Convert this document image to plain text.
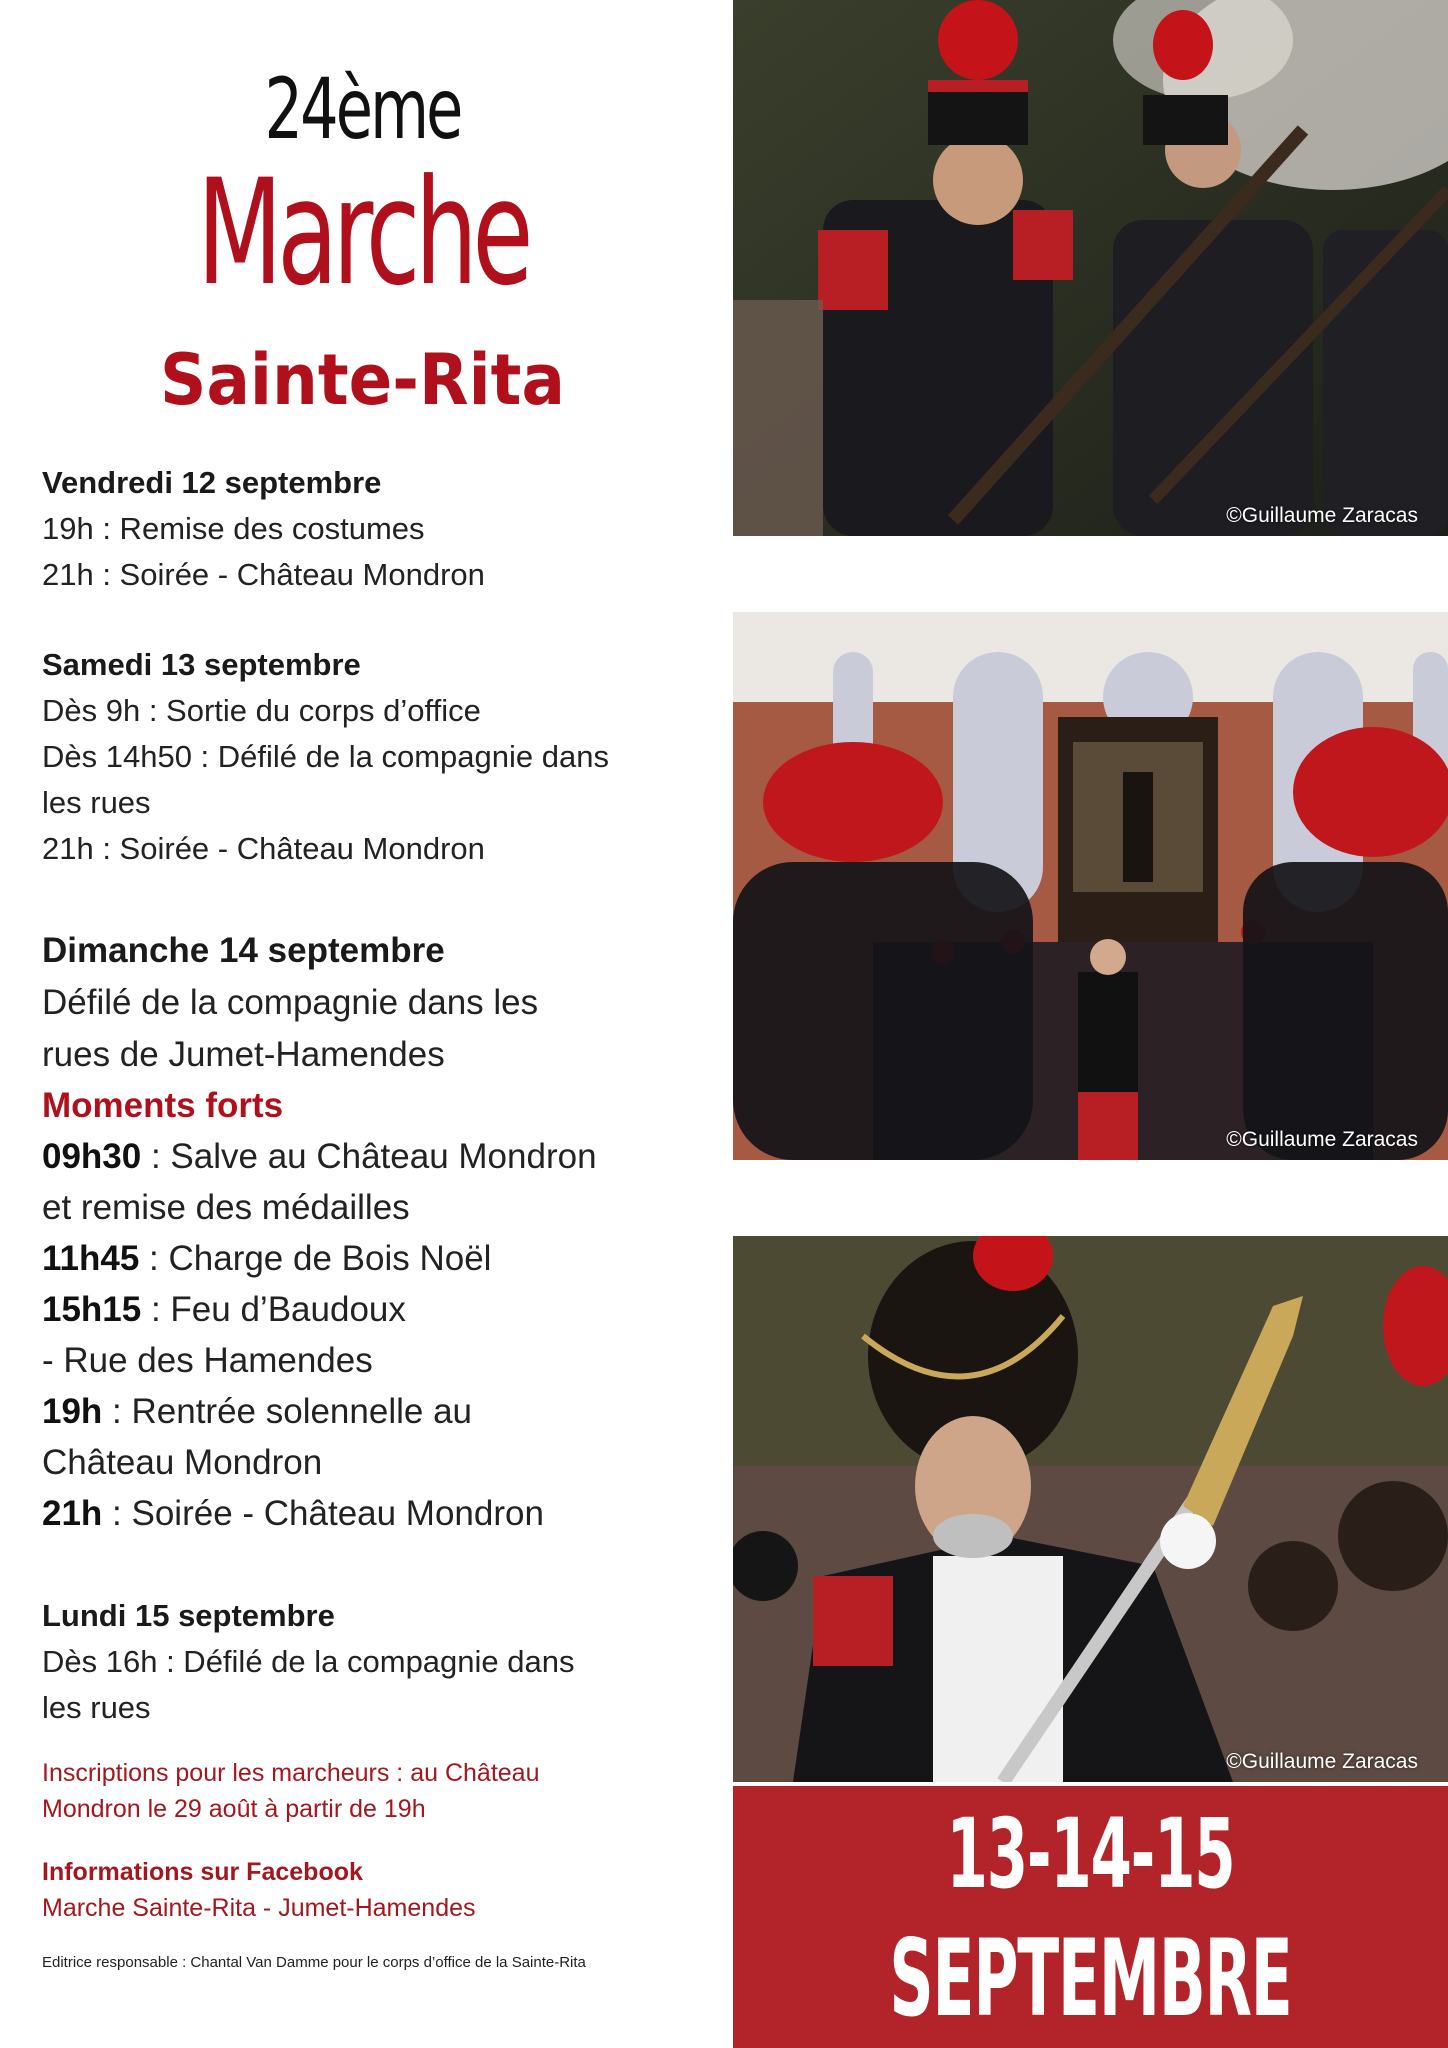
24ème
Marche
Sainte-Rita
Vendredi 12 septembre
19h : Remise des costumes
21h : Soirée - Château Mondron
Samedi 13 septembre
Dès 9h : Sortie du corps d’office
Dès 14h50 : Défilé de la compagnie dans
les rues
21h : Soirée - Château Mondron
Dimanche 14 septembre
Défilé de la compagnie dans les
rues de Jumet-Hamendes
Moments forts
09h30 : Salve au Château Mondron
et remise des médailles
11h45 : Charge de Bois Noël
15h15 : Feu d’Baudoux
- Rue des Hamendes
19h : Rentrée solennelle au
Château Mondron
21h : Soirée - Château Mondron
Lundi 15 septembre
Dès 16h : Défilé de la compagnie dans
les rues
Inscriptions pour les marcheurs : au Château
Mondron le 29 août à partir de 19h
Informations sur Facebook
Marche Sainte-Rita - Jumet-Hamendes
Editrice responsable : Chantal Van Damme pour le corps d’office de la Sainte-Rita
©Guillaume Zaracas
©Guillaume Zaracas
©Guillaume Zaracas
13-14-15
SEPTEMBRE
